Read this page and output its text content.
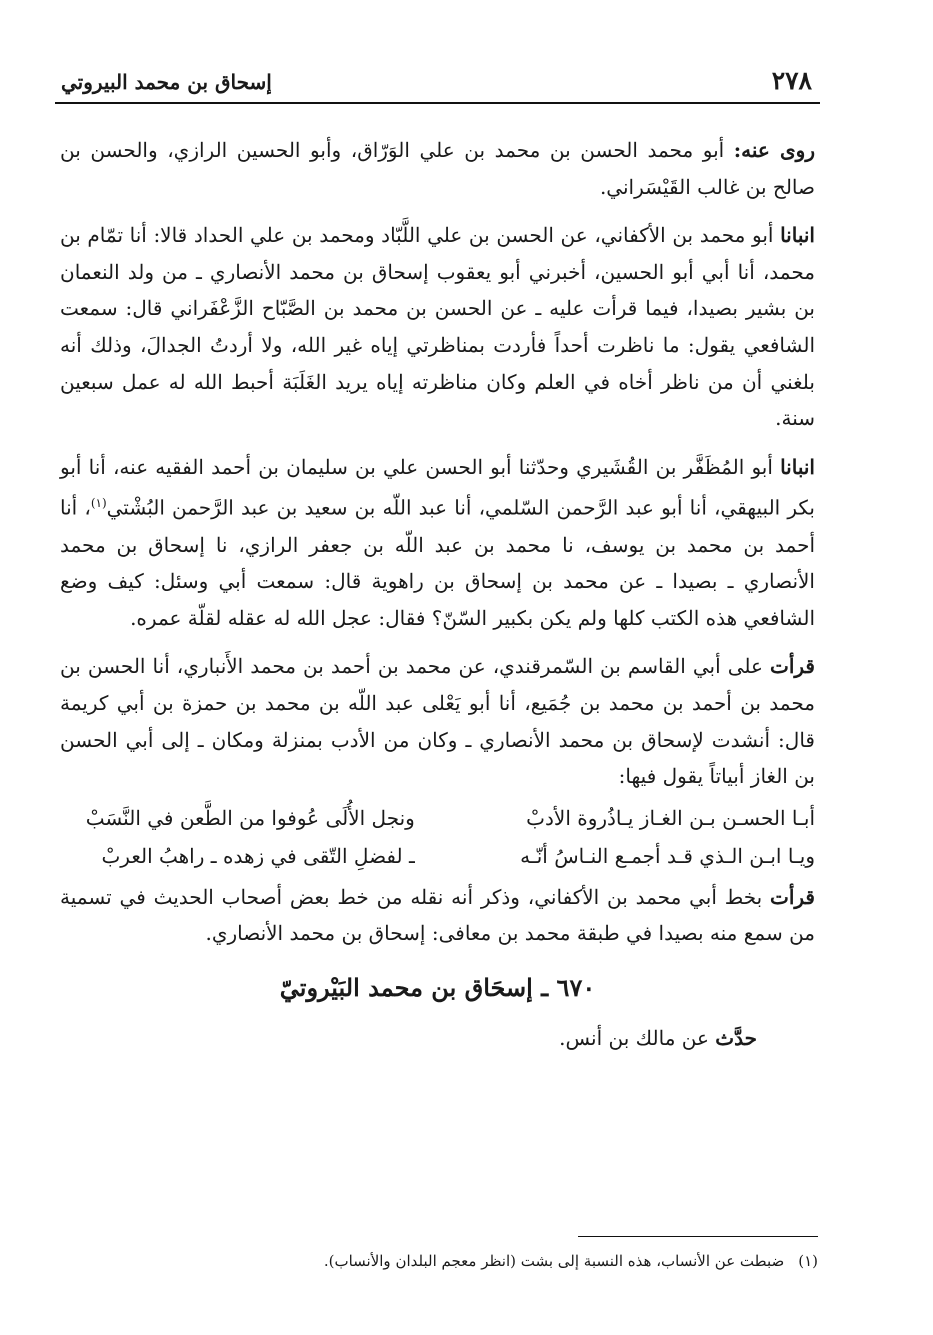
٢٧٨
إسحاق بن محمد البيروتي

روى عنه: أبو محمد الحسن بن محمد بن علي الوَرّاق، وأبو الحسين الرازي، والحسن بن صالح بن غالب القَيْسَراني.

انبانا أبو محمد بن الأكفاني، عن الحسن بن علي اللَّبّاد ومحمد بن علي الحداد قالا: أنا تمّام بن محمد، أنا أبي أبو الحسين، أخبرني أبو يعقوب إسحاق بن محمد الأنصاري ـ من ولد النعمان بن بشير بصيدا، فيما قرأت عليه ـ عن الحسن بن محمد بن الصَّبّاح الزَّعْفَراني قال: سمعت الشافعي يقول: ما ناظرت أحداً فأردت بمناظرتي إياه غير الله، ولا أردتُ الجدالَ، وذلك أنه بلغني أن من ناظر أخاه في العلم وكان مناظرته إياه يريد الغَلَبَة أحبط الله له عمل سبعين سنة.

انبانا أبو المُظَفَّر بن القُشَيري وحدّثنا أبو الحسن علي بن سليمان بن أحمد الفقيه عنه، أنا أبو بكر البيهقي، أنا أبو عبد الرَّحمن السّلمي، أنا عبد اللّه بن سعيد بن عبد الرَّحمن البُشْتي$^{(١)}$، أنا أحمد بن محمد بن يوسف، نا محمد بن عبد اللّه بن جعفر الرازي، نا إسحاق بن محمد الأنصاري ـ بصيدا ـ عن محمد بن إسحاق بن راهوية قال: سمعت أبي وسئل: كيف وضع الشافعي هذه الكتب كلها ولم يكن بكبير السّنّ؟ فقال: عجل الله له عقله لقلّة عمره.

قرأت على أبي القاسم بن السّمرقندي، عن محمد بن أحمد بن محمد الأَنباري، أنا الحسن بن محمد بن أحمد بن محمد بن جُمَيع، أنا أبو يَعْلى عبد اللّه بن محمد بن حمزة بن أبي كريمة قال: أنشدت لإسحاق بن محمد الأنصاري ـ وكان من الأدب بمنزلة ومكان ـ إلى أبي الحسن بن الغاز أبياتاً يقول فيها:

أبـا الحسـن بـن الغـاز يـاذُروة الأدبْ
ونجل الأُلَى عُوفوا من الطَّعن في النَّسَبْ
ويـا ابـن الـذي قـد أجمـع النـاسُ أنّـه
ـ لفضلِ التّقى في زهده ـ راهبُ العربْ

قرأت بخط أبي محمد بن الأكفاني، وذكر أنه نقله من خط بعض أصحاب الحديث في تسمية من سمع منه بصيدا في طبقة محمد بن معافى: إسحاق بن محمد الأنصاري.

٦٧٠ ـ إسحَاق بن محمد البَيْروتيّ

حدَّث عن مالك بن أنس.

(١)ضبطت عن الأنساب، هذه النسبة إلى بشت (انظر معجم البلدان والأنساب).
